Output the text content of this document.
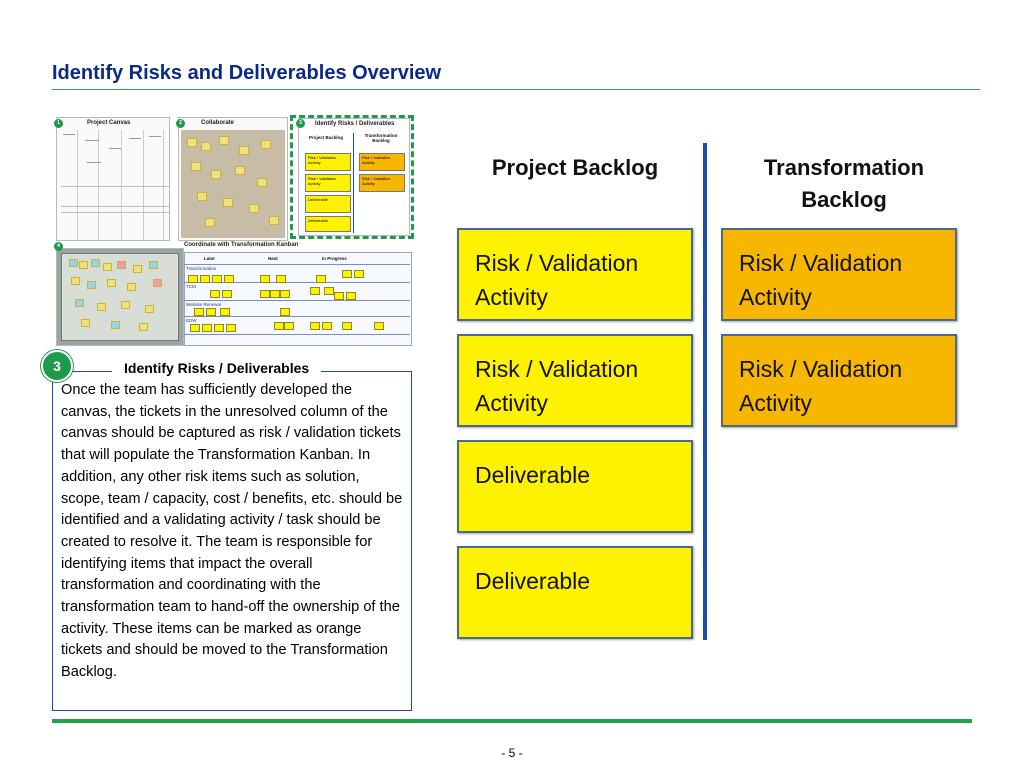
Identify Risks and Deliverables Overview
Project Canvas
1	Collaborate
2	Identify Risks / Deliverables
Project Backlog	Transformation Backlog
Risk / Validation Activity
Risk / Validation Activity
Deliverable
Deliverable
Risk / Validation Activity
Risk / Validation Activity
3
4	Coordinate with Transformation Kanban
Later	Next	In Progress
Transformation
TCM
Website Renewal
EDW
3	Identify Risks / Deliverables
Once the team has sufficiently developed the canvas, the tickets in the unresolved column of the canvas should be captured as risk / validation tickets that will populate the Transformation Kanban. In addition, any other risk items such as solution, scope, team / capacity, cost / benefits, etc. should be identified and a validating activity / task should be created to resolve it. The team is responsible for identifying items that impact the overall transformation and coordinating with the transformation team to hand-off the ownership of the activity. These items can be marked as orange tickets and should be moved to the Transformation Backlog.
Project Backlog	Transformation
Backlog
Risk / Validation Activity
Risk / Validation Activity
Deliverable
Deliverable
Risk / Validation Activity
Risk / Validation Activity
- 5 -
